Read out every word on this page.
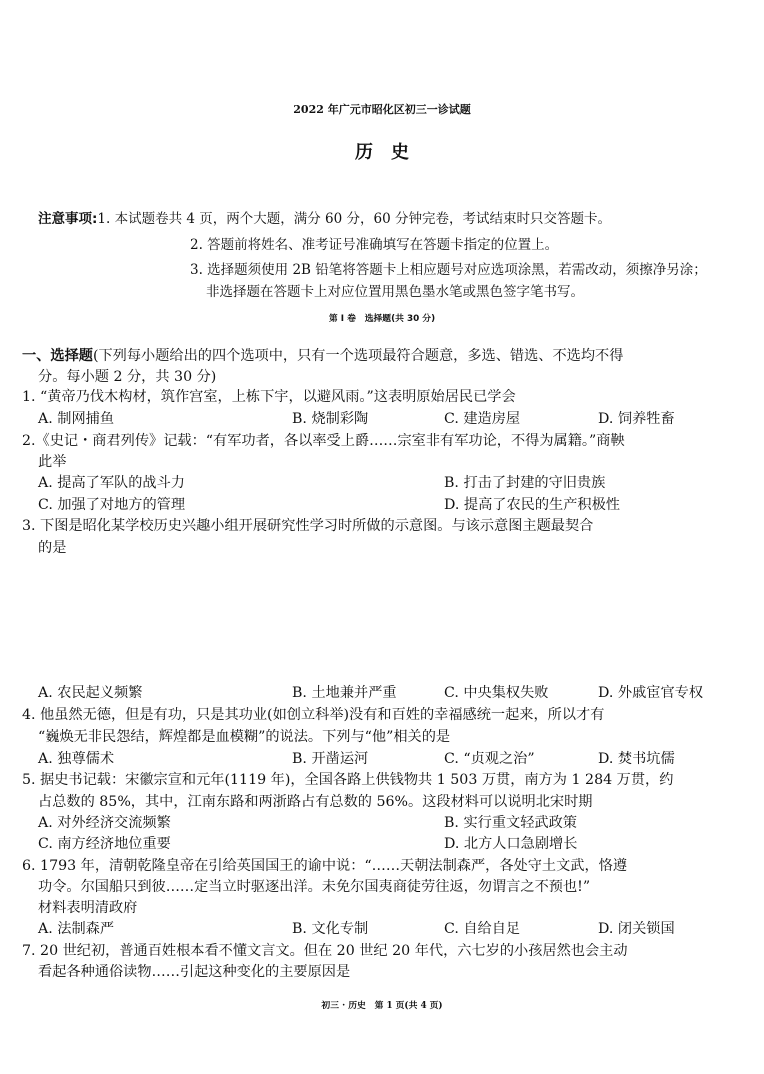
2022 年广元市昭化区初三一诊试题
历史
注意事项:1. 本试题卷共 4 页，两个大题，满分 60 分，60 分钟完卷，考试结束时只交答题卡。
2. 答题前将姓名、准考证号准确填写在答题卡指定的位置上。
3. 选择题须使用 2B 铅笔将答题卡上相应题号对应选项涂黑，若需改动，须擦净另涂；
非选择题在答题卡上对应位置用黑色墨水笔或黑色签字笔书写。
第 I 卷　选择题(共 30 分)
一、选择题(下列每小题给出的四个选项中，只有一个选项最符合题意，多选、错选、不选均不得
分。每小题 2 分，共 30 分)
1. “黄帝乃伐木构材，筑作宫室，上栋下宇，以避风雨。”这表明原始居民已学会
A. 制网捕鱼	B. 烧制彩陶	C. 建造房屋	D. 饲养牲畜
2.《史记・商君列传》记载：“有军功者，各以率受上爵……宗室非有军功论，不得为属籍。”商鞅
此举
A. 提高了军队的战斗力	B. 打击了封建的守旧贵族
C. 加强了对地方的管理	D. 提高了农民的生产积极性
3. 下图是昭化某学校历史兴趣小组开展研究性学习时所做的示意图。与该示意图主题最契合
的是
A. 农民起义频繁	B. 土地兼并严重	C. 中央集权失败	D. 外戚宦官专权
4. 他虽然无德，但是有功，只是其功业(如创立科举)没有和百姓的幸福感统一起来，所以才有
“巍焕无非民怨结，辉煌都是血模糊”的说法。下列与“他”相关的是
A. 独尊儒术	B. 开凿运河	C. “贞观之治”	D. 焚书坑儒
5. 据史书记载：宋徽宗宣和元年(1119 年)，全国各路上供钱物共 1 503 万贯，南方为 1 284 万贯，约
占总数的 85%，其中，江南东路和两浙路占有总数的 56%。这段材料可以说明北宋时期
A. 对外经济交流频繁	B. 实行重文轻武政策
C. 南方经济地位重要	D. 北方人口急剧增长
6. 1793 年，清朝乾隆皇帝在引给英国国王的谕中说：“……天朝法制森严，各处守土文武，恪遵
功令。尔国船只到彼……定当立时驱逐出洋。未免尔国夷商徒劳往返，勿谓言之不预也!”
材料表明清政府
A. 法制森严	B. 文化专制	C. 自给自足	D. 闭关锁国
7. 20 世纪初，普通百姓根本看不懂文言文。但在 20 世纪 20 年代，六七岁的小孩居然也会主动
看起各种通俗读物……引起这种变化的主要原因是
初三 · 历史　第 1 页(共 4 页)
